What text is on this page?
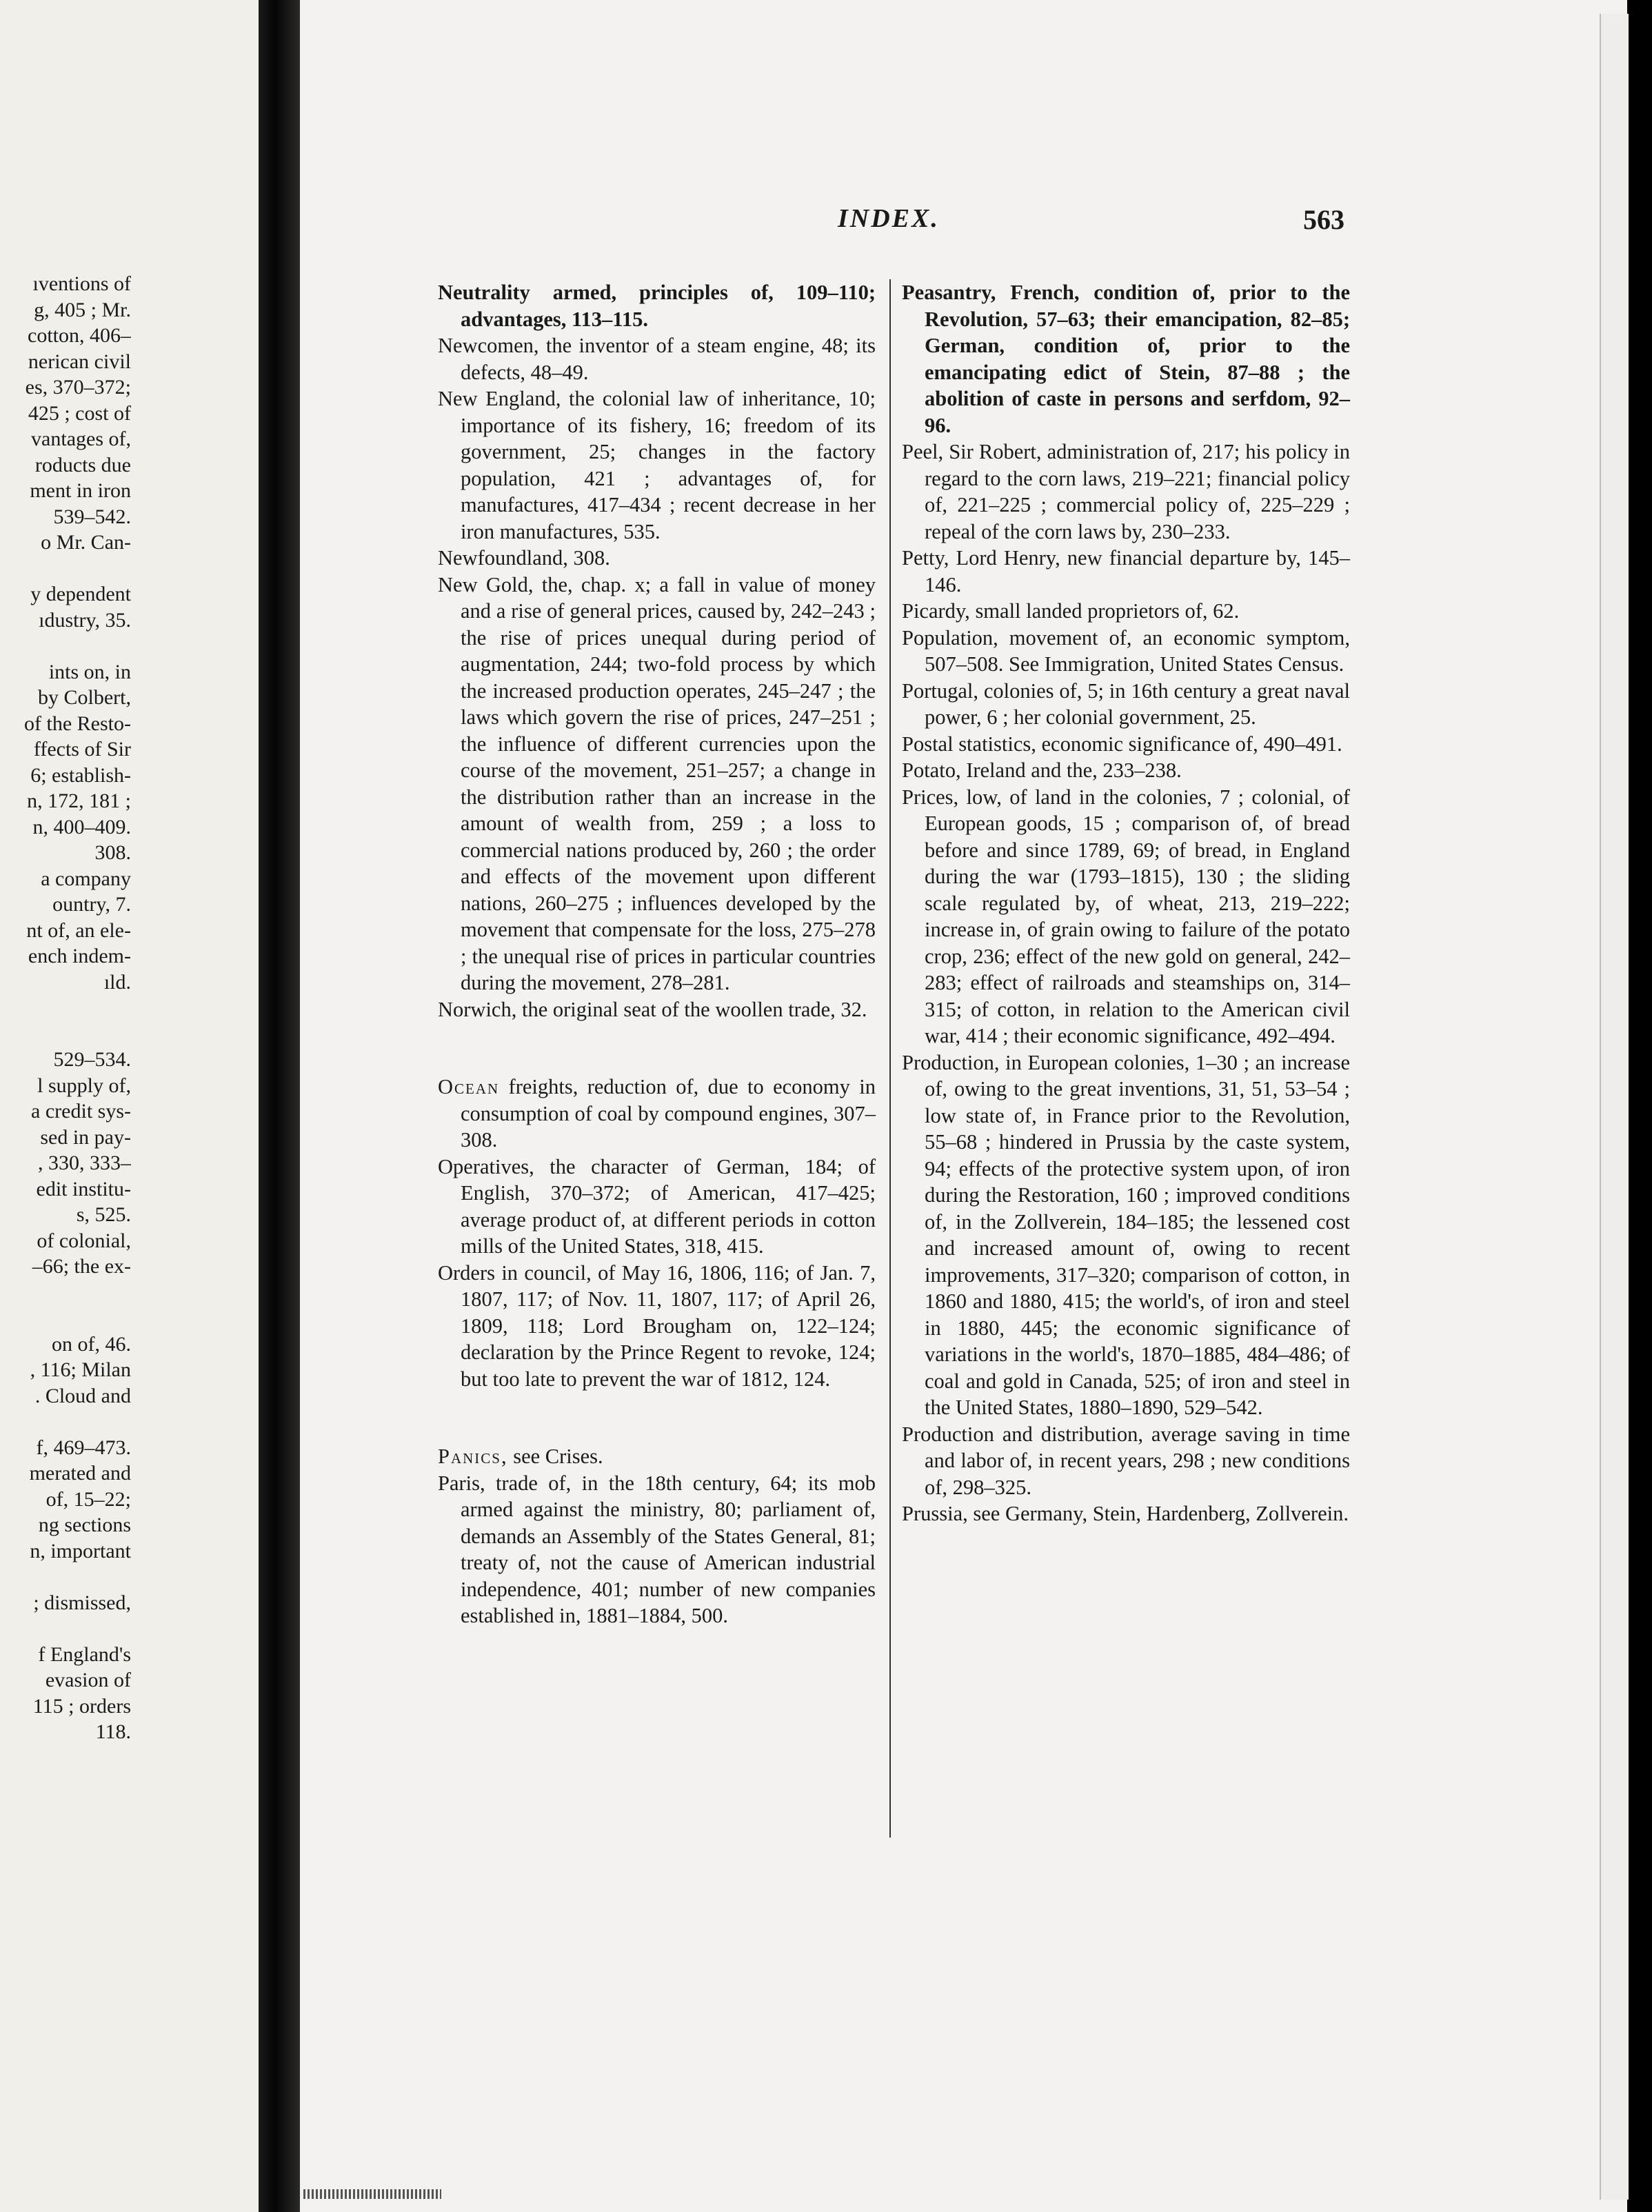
ıventions of
g, 405 ; Mr.
cotton, 406–
nerican civil
es, 370–372;
425 ; cost of
vantages of,
roducts due
ment in iron
539–542.
o Mr. Can-

y dependent
ıdustry, 35.

ints on, in
by Colbert,
of the Resto-
ffects of Sir
6; establish-
n, 172, 181 ;
n, 400–409.
308.
a company
ountry, 7.
nt of, an ele-
ench indem-
ıld.

529–534.
l supply of,
a credit sys-
sed in pay-
, 330, 333–
edit institu-
s, 525.
of colonial,
–66; the ex-

on of, 46.
, 116; Milan
. Cloud and

f, 469–473.
merated and
of, 15–22;
ng sections
n, important

; dismissed,

f England's
evasion of
115 ; orders
118.
INDEX.	563

Neutrality armed, principles of, 109–110; advantages, 113–115.

Newcomen, the inventor of a steam engine, 48; its defects, 48–49.

New England, the colonial law of inheritance, 10; importance of its fishery, 16; freedom of its government, 25; changes in the factory population, 421 ; advantages of, for manufactures, 417–434 ; recent decrease in her iron manufactures, 535.

Newfoundland, 308.

New Gold, the, chap. x; a fall in value of money and a rise of general prices, caused by, 242–243 ; the rise of prices unequal during period of augmentation, 244; two-fold process by which the increased production operates, 245–247 ; the laws which govern the rise of prices, 247–251 ; the influence of different currencies upon the course of the movement, 251–257; a change in the distribution rather than an increase in the amount of wealth from, 259 ; a loss to commercial nations produced by, 260 ; the order and effects of the movement upon different nations, 260–275 ; influences developed by the movement that compensate for the loss, 275–278 ; the unequal rise of prices in particular countries during the movement, 278–281.

Norwich, the original seat of the woollen trade, 32.

Ocean freights, reduction of, due to economy in consumption of coal by compound engines, 307–308.

Operatives, the character of German, 184; of English, 370–372; of American, 417–425; average product of, at different periods in cotton mills of the United States, 318, 415.

Orders in council, of May 16, 1806, 116; of Jan. 7, 1807, 117; of Nov. 11, 1807, 117; of April 26, 1809, 118; Lord Brougham on, 122–124; declaration by the Prince Regent to revoke, 124; but too late to prevent the war of 1812, 124.

Panics, see Crises.

Paris, trade of, in the 18th century, 64; its mob armed against the ministry, 80; parliament of, demands an Assembly of the States General, 81; treaty of, not the cause of American industrial independence, 401; number of new companies established in, 1881–1884, 500.

Peasantry, French, condition of, prior to the Revolution, 57–63; their emancipation, 82–85; German, condition of, prior to the emancipating edict of Stein, 87–88 ; the abolition of caste in persons and serfdom, 92–96.

Peel, Sir Robert, administration of, 217; his policy in regard to the corn laws, 219–221; financial policy of, 221–225 ; commercial policy of, 225–229 ; repeal of the corn laws by, 230–233.

Petty, Lord Henry, new financial departure by, 145–146.

Picardy, small landed proprietors of, 62.

Population, movement of, an economic symptom, 507–508. See Immigration, United States Census.

Portugal, colonies of, 5; in 16th century a great naval power, 6 ; her colonial government, 25.

Postal statistics, economic significance of, 490–491.

Potato, Ireland and the, 233–238.

Prices, low, of land in the colonies, 7 ; colonial, of European goods, 15 ; comparison of, of bread before and since 1789, 69; of bread, in England during the war (1793–1815), 130 ; the sliding scale regulated by, of wheat, 213, 219–222; increase in, of grain owing to failure of the potato crop, 236; effect of the new gold on general, 242–283; effect of railroads and steamships on, 314–315; of cotton, in relation to the American civil war, 414 ; their economic significance, 492–494.

Production, in European colonies, 1–30 ; an increase of, owing to the great inventions, 31, 51, 53–54 ; low state of, in France prior to the Revolution, 55–68 ; hindered in Prussia by the caste system, 94; effects of the protective system upon, of iron during the Restoration, 160 ; improved conditions of, in the Zollverein, 184–185; the lessened cost and increased amount of, owing to recent improvements, 317–320; comparison of cotton, in 1860 and 1880, 415; the world's, of iron and steel in 1880, 445; the economic significance of variations in the world's, 1870–1885, 484–486; of coal and gold in Canada, 525; of iron and steel in the United States, 1880–1890, 529–542.

Production and distribution, average saving in time and labor of, in recent years, 298 ; new conditions of, 298–325.

Prussia, see Germany, Stein, Hardenberg, Zollverein.
